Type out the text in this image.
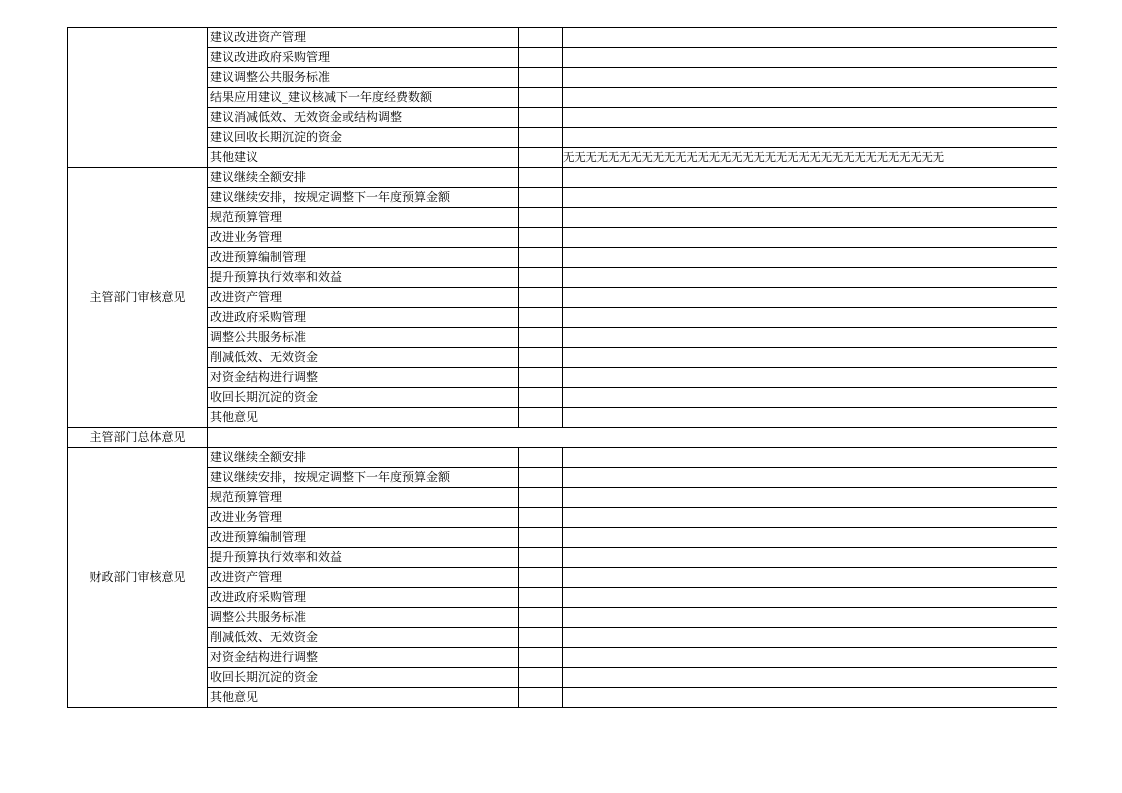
	建议改进资产管理		
	建议改进政府采购管理		
	建议调整公共服务标准		
	结果应用建议_建议核减下一年度经费数额		
	建议消减低效、无效资金或结构调整		
	建议回收长期沉淀的资金		
	其他建议		无无无无无无无无无无无无无无无无无无无无无无无无无无无无无无无无无无
主管部门审核意见	建议继续全额安排		
	建议继续安排，按规定调整下一年度预算金额		
	规范预算管理		
	改进业务管理		
	改进预算编制管理		
	提升预算执行效率和效益		
	改进资产管理		
	改进政府采购管理		
	调整公共服务标准		
	削减低效、无效资金		
	对资金结构进行调整		
	收回长期沉淀的资金		
	其他意见		
主管部门总体意见			
财政部门审核意见	建议继续全额安排		
	建议继续安排，按规定调整下一年度预算金额		
	规范预算管理		
	改进业务管理		
	改进预算编制管理		
	提升预算执行效率和效益		
	改进资产管理		
	改进政府采购管理		
	调整公共服务标准		
	削减低效、无效资金		
	对资金结构进行调整		
	收回长期沉淀的资金		
	其他意见		
